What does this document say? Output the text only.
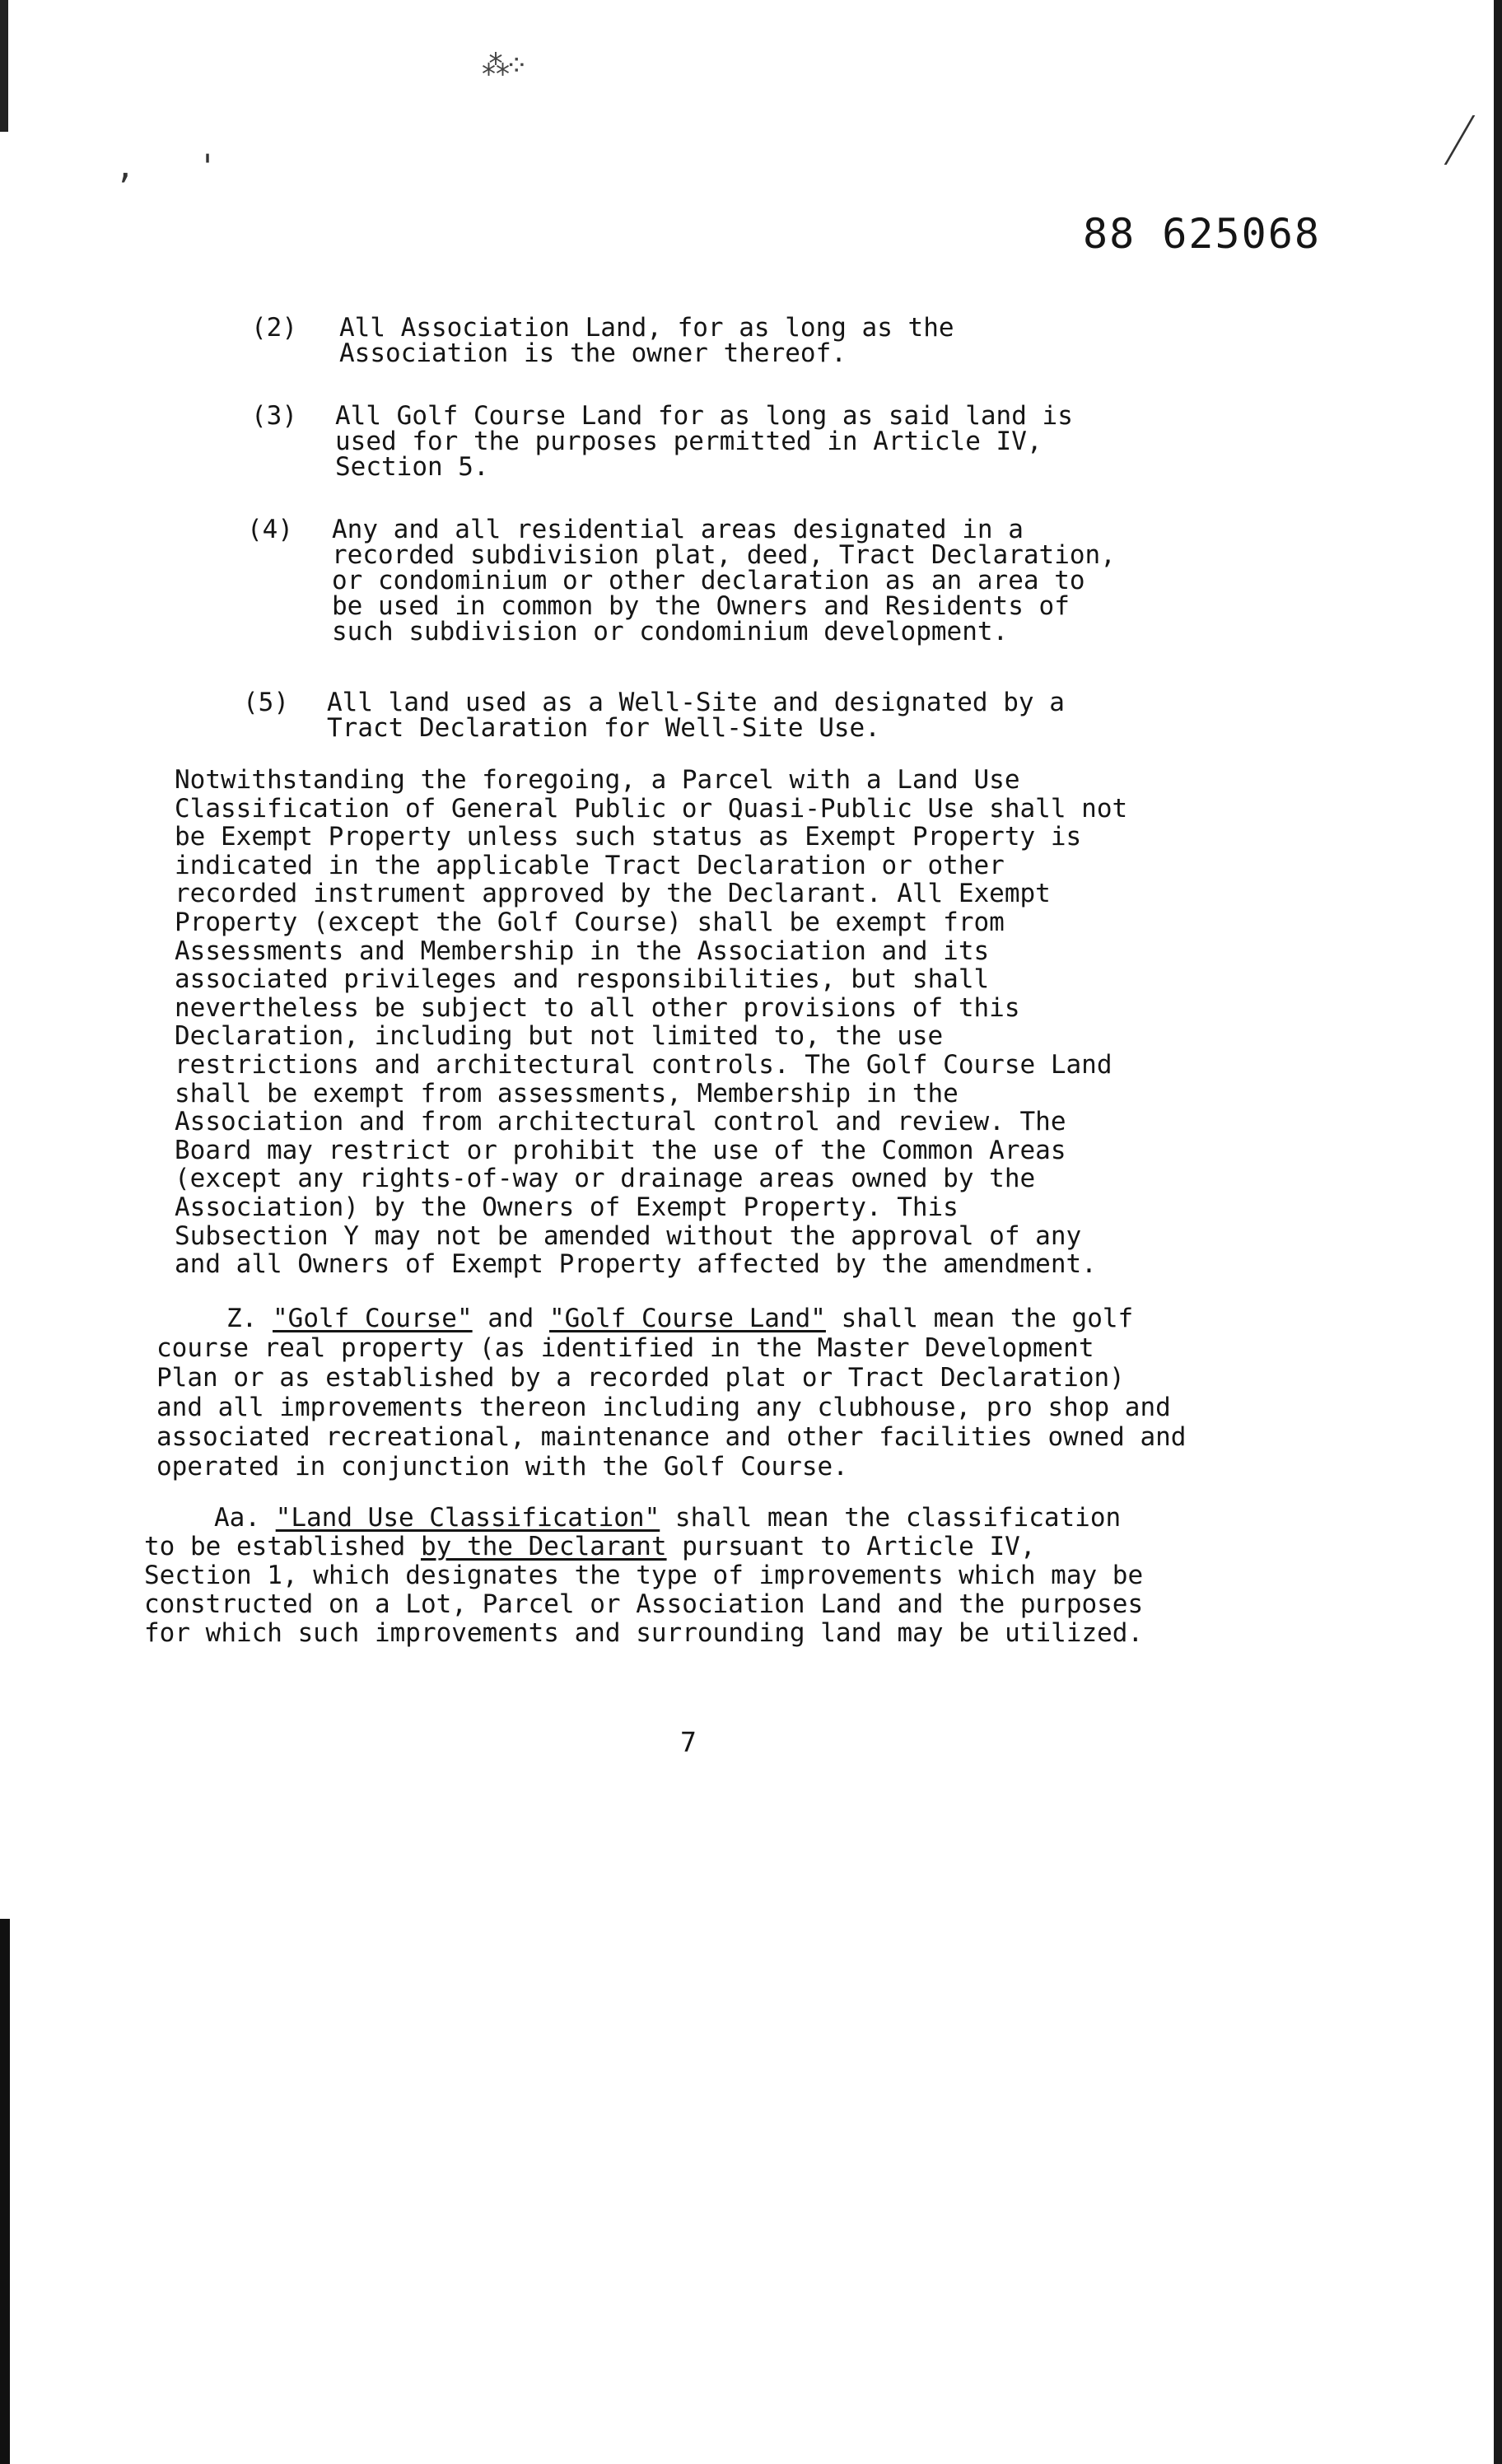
⁂⁘
, '
88 625068
(2) All Association Land, for as long as the
Association is the owner thereof.
(3) All Golf Course Land for as long as said land is
used for the purposes permitted in Article IV,
Section 5.
(4) Any and all residential areas designated in a
recorded subdivision plat, deed, Tract Declaration,
or condominium or other declaration as an area to
be used in common by the Owners and Residents of
such subdivision or condominium development.
(5) All land used as a Well-Site and designated by a
Tract Declaration for Well-Site Use.
Notwithstanding the foregoing, a Parcel with a Land Use
Classification of General Public or Quasi-Public Use shall not
be Exempt Property unless such status as Exempt Property is
indicated in the applicable Tract Declaration or other
recorded instrument approved by the Declarant. All Exempt
Property (except the Golf Course) shall be exempt from
Assessments and Membership in the Association and its
associated privileges and responsibilities, but shall
nevertheless be subject to all other provisions of this
Declaration, including but not limited to, the use
restrictions and architectural controls. The Golf Course Land
shall be exempt from assessments, Membership in the
Association and from architectural control and review. The
Board may restrict or prohibit the use of the Common Areas
(except any rights-of-way or drainage areas owned by the
Association) by the Owners of Exempt Property. This
Subsection Y may not be amended without the approval of any
and all Owners of Exempt Property affected by the amendment.
Z. "Golf Course" and "Golf Course Land" shall mean the golf
course real property (as identified in the Master Development
Plan or as established by a recorded plat or Tract Declaration)
and all improvements thereon including any clubhouse, pro shop and
associated recreational, maintenance and other facilities owned and
operated in conjunction with the Golf Course.
Aa. "Land Use Classification" shall mean the classification
to be established by the Declarant pursuant to Article IV,
Section 1, which designates the type of improvements which may be
constructed on a Lot, Parcel or Association Land and the purposes
for which such improvements and surrounding land may be utilized.
7
